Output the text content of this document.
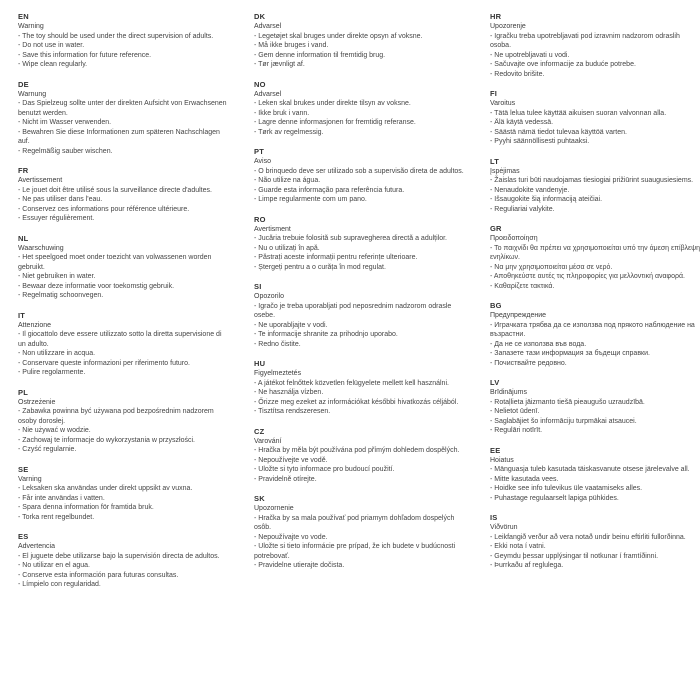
EN
Warning
- The toy should be used under the direct supervision of adults.
- Do not use in water.
- Save this information for future reference.
- Wipe clean regularly.
DE
Warnung
- Das Spielzeug sollte unter der direkten Aufsicht von Erwachsenen benutzt werden.
- Nicht im Wasser verwenden.
- Bewahren Sie diese Informationen zum späteren Nachschlagen auf.
- Regelmäßig sauber wischen.
FR
Avertissement
- Le jouet doit être utilisé sous la surveillance directe d'adultes.
- Ne pas utiliser dans l'eau.
- Conservez ces informations pour référence ultérieure.
- Essuyer régulièrement.
NL
Waarschuwing
- Het speelgoed moet onder toezicht van volwassenen worden gebruikt.
- Niet gebruiken in water.
- Bewaar deze informatie voor toekomstig gebruik.
- Regelmatig schoonvegen.
IT
Attenzione
- Il giocattolo deve essere utilizzato sotto la diretta supervisione di un adulto.
- Non utilizzare in acqua.
- Conservare queste informazioni per riferimento futuro.
- Pulire regolarmente.
PL
Ostrzeżenie
- Zabawka powinna być używana pod bezpośrednim nadzorem osoby dorosłej.
- Nie używać w wodzie.
- Zachowaj te informacje do wykorzystania w przyszłości.
- Czyść regularnie.
SE
Varning
- Leksaken ska användas under direkt uppsikt av vuxna.
- Får inte användas i vatten.
- Spara denna information för framtida bruk.
- Torka rent regelbundet.
ES
Advertencia
- El juguete debe utilizarse bajo la supervisión directa de adultos.
- No utilizar en el agua.
- Conserve esta información para futuras consultas.
- Límpielo con regularidad.
DK
Advarsel
- Legetøjet skal bruges under direkte opsyn af voksne.
- Må ikke bruges i vand.
- Gem denne information til fremtidig brug.
- Tør jævnligt af.
NO
Advarsel
- Leken skal brukes under direkte tilsyn av voksne.
- Ikke bruk i vann.
- Lagre denne informasjonen for fremtidig referanse.
- Tørk av regelmessig.
PT
Aviso
- O brinquedo deve ser utilizado sob a supervisão direta de adultos.
- Não utilize na água.
- Guarde esta informação para referência futura.
- Limpe regularmente com um pano.
RO
Avertisment
- Jucăria trebuie folosită sub supravegherea directă a adulților.
- Nu o utilizați în apă.
- Păstrați aceste informații pentru referințe ulterioare.
- Ștergeți pentru a o curăța în mod regulat.
SI
Opozorilo
- Igračo je treba uporabljati pod neposrednim nadzorom odrasle osebe.
- Ne uporabljajte v vodi.
- Te informacije shranite za prihodnjo uporabo.
- Redno čistite.
HU
Figyelmeztetés
- A játékot felnőttek közvetlen felügyelete mellett kell használni.
- Ne használja vízben.
- Őrizze meg ezeket az információkat későbbi hivatkozás céljából.
- Tisztítsa rendszeresen.
CZ
Varování
- Hračka by měla být používána pod přímým dohledem dospělých.
- Nepoužívejte ve vodě.
- Uložte si tyto informace pro budoucí použití.
- Pravidelně otírejte.
SK
Upozornenie
- Hračka by sa mala používať pod priamym dohľadom dospelých osôb.
- Nepoužívajte vo vode.
- Uložte si tieto informácie pre prípad, že ich budete v budúcnosti potrebovať.
- Pravidelne utierajte dočista.
HR
Upozorenje
- Igračku treba upotrebljavati pod izravnim nadzorom odraslih osoba.
- Ne upotrebljavati u vodi.
- Sačuvajte ove informacije za buduće potrebe.
- Redovito brišite.
FI
Varoitus
- Tätä lelua tulee käyttää aikuisen suoran valvonnan alla.
- Älä käytä vedessä.
- Säästä nämä tiedot tulevaa käyttöä varten.
- Pyyhi säännöllisesti puhtaaksi.
LT
Įspėjimas
- Žaislas turi būti naudojamas tiesiogiai prižiūrint suaugusiesiems.
- Nenaudokite vandenyje.
- Išsaugokite šią informaciją ateičiai.
- Reguliariai valykite.
GR
Προειδοποίηση
- Το παιχνίδι θα πρέπει να χρησιμοποιείται υπό την άμεση επίβλεψη ενηλίκων.
- Να μην χρησιμοποιείται μέσα σε νερό.
- Αποθηκεύστε αυτές τις πληροφορίες για μελλοντική αναφορά.
- Καθαρίζετε τακτικά.
BG
Предупреждение
- Играчката трябва да се използва под прякото наблюдение на възрастни.
- Да не се използва във вода.
- Запазете тази информация за бъдещи справки.
- Почиствайте редовно.
LV
Brīdinājums
- Rotaļlieta jāizmanto tiešā pieaugušo uzraudzībā.
- Nelietot ūdenī.
- Saglabājiet šo informāciju turpmākai atsaucei.
- Regulāri notīrīt.
EE
Hoiatus
- Mänguasja tuleb kasutada täiskasvanute otsese järelevalve all.
- Mitte kasutada vees.
- Hoidke see info tulevikus üle vaatamiseks alles.
- Puhastage regulaarselt lapiga pühkides.
IS
Viðvörun
- Leikfangið verður að vera notað undir beinu eftirliti fullorðinna.
- Ekki nota í vatni.
- Geymdu þessar upplýsingar til notkunar í framtíðinni.
- Þurrkaðu af reglulega.
